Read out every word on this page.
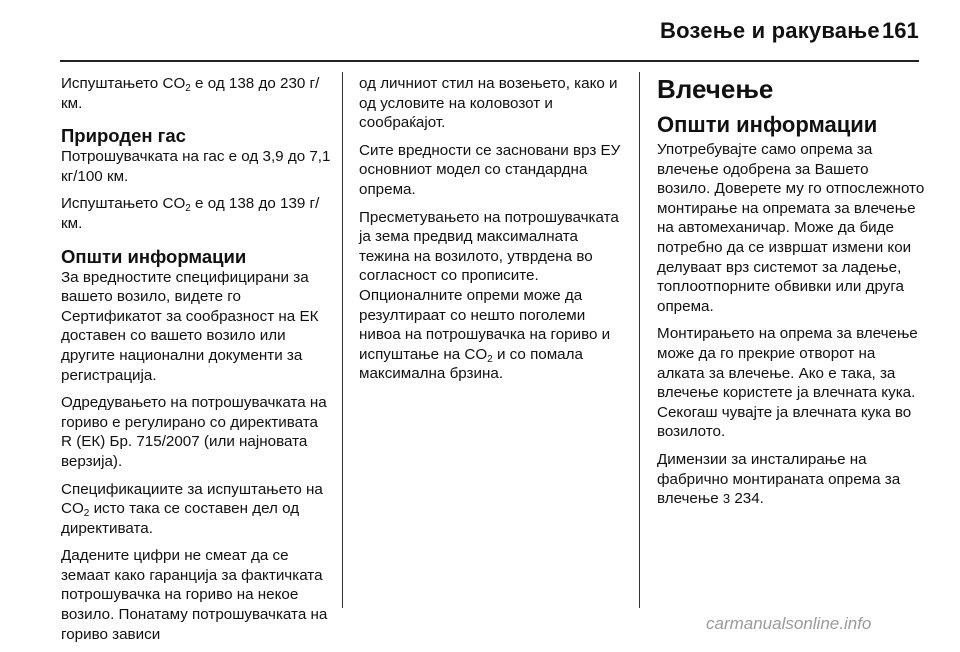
Возење и ракување 161

Испуштањето $CO_2$ е од 138 до 230 г/км.

Природен гас

Потрошувачката на гас е од 3,9 до 7,1 кг/100 км.

Испуштањето $CO_2$ е од 138 до 139 г/км.

Општи информации

За вредностите специфицирани за вашето возило, видете го Сертификатот за сообразност на ЕК доставен со вашето возило или другите национални документи за регистрација.

Одредувањето на потрошувачката на гориво е регулирано со директивата R (ЕК) Бр. 715/2007 (или најновата верзија).

Спецификациите за испуштањето на $CO_2$ исто така се составен дел од директивата.

Дадените цифри не смеат да се земаат како гаранција за фактичката потрошувачка на гориво на некое возило. Понатаму потрошувачката на гориво зависи

од личниот стил на возењето, како и од условите на коловозот и сообраќајот.

Сите вредности се засновани врз ЕУ основниот модел со стандардна опрема.

Пресметувањето на потрошувачката ја зема предвид максималната тежина на возилото, утврдена во согласност со прописите. Опционалните опреми може да резултираат со нешто поголеми нивоа на потрошувачка на гориво и испуштање на $CO_2$ и со помала максимална брзина.

Влечење
Општи информации

Употребувајте само опрема за влечење одобрена за Вашето возило. Доверете му го отпослежното монтирање на опремата за влечење на автомеханичар. Може да биде потребно да се извршат измени кои делуваат врз системот за ладење, топлоотпорните обвивки или друга опрема.

Монтирањето на опрема за влечење може да го прекрие отворот на алката за влечење. Ако е така, за влечење користете ја влечната кука. Секогаш чувајте ја влечната кука во возилото.

Димензии за инсталирање на фабрично монтираната опрема за влечење 3 234.

carmanualsonline.info
